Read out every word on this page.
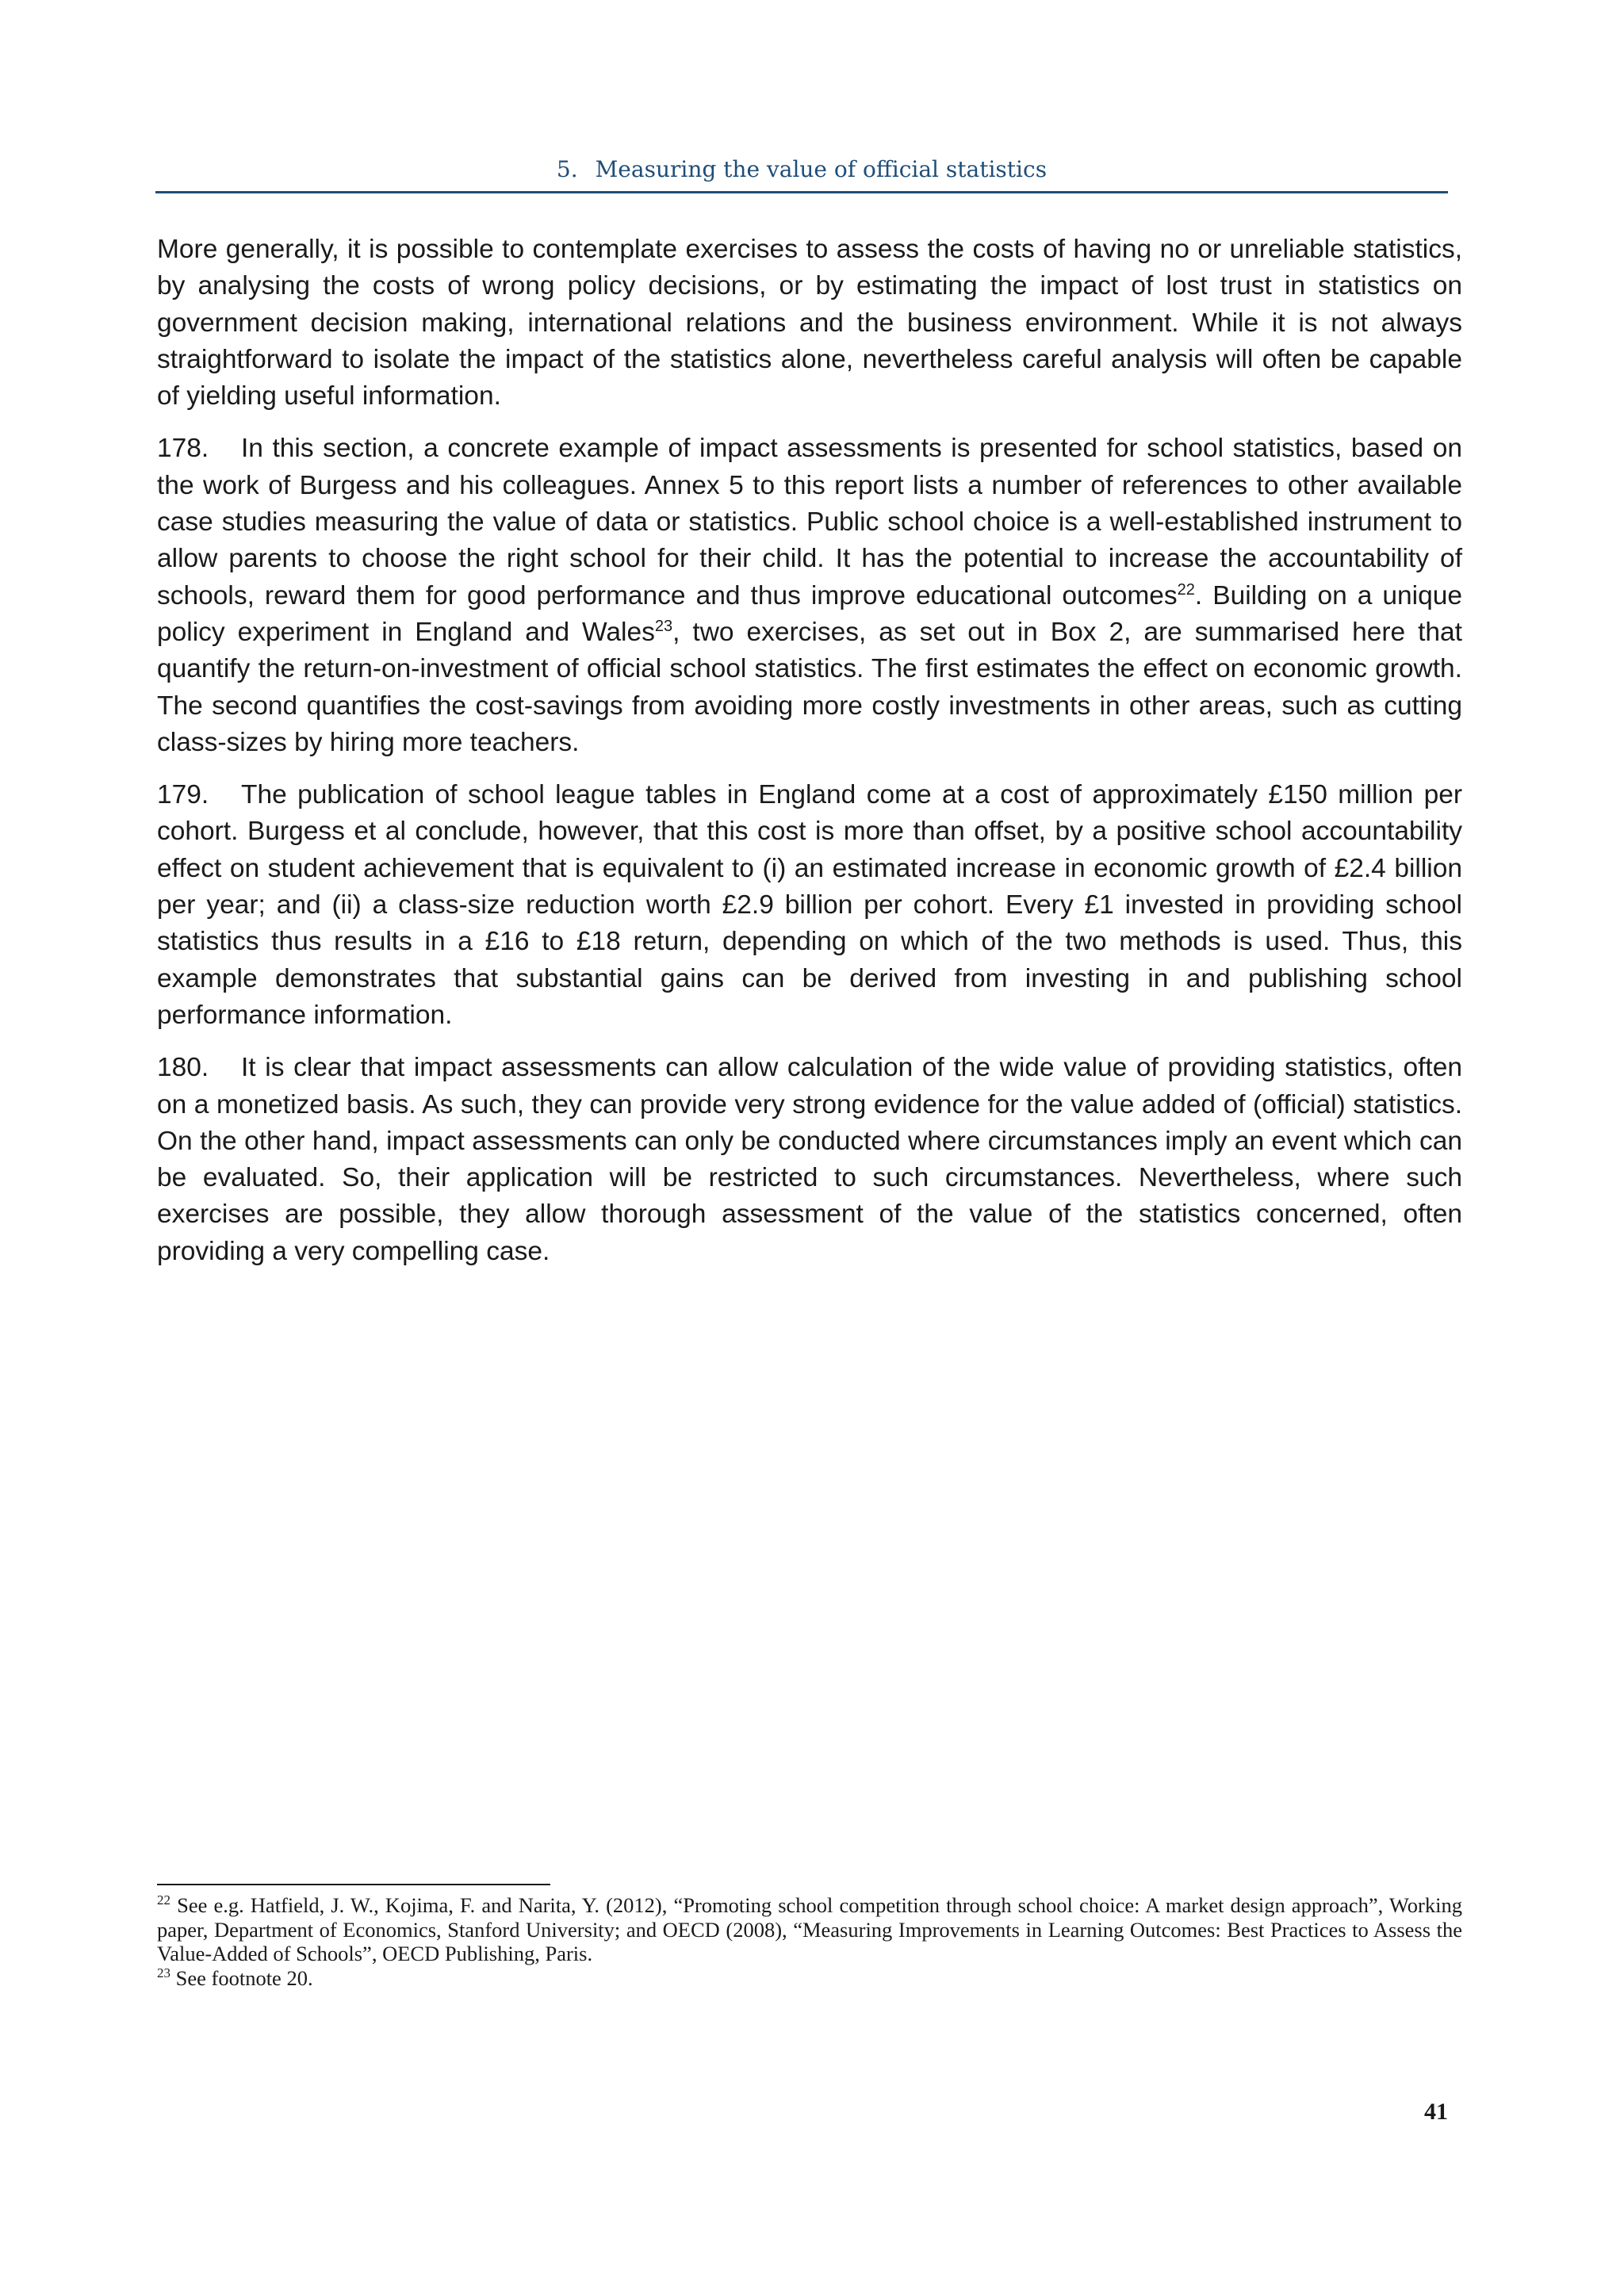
5. Measuring the value of official statistics

More generally, it is possible to contemplate exercises to assess the costs of having no or unreliable statistics, by analysing the costs of wrong policy decisions, or by estimating the impact of lost trust in statistics on government decision making, international relations and the business environment. While it is not always straightforward to isolate the impact of the statistics alone, nevertheless careful analysis will often be capable of yielding useful information.

178. In this section, a concrete example of impact assessments is presented for school statistics, based on the work of Burgess and his colleagues. Annex 5 to this report lists a number of references to other available case studies measuring the value of data or statistics. Public school choice is a well-established instrument to allow parents to choose the right school for their child. It has the potential to increase the accountability of schools, reward them for good performance and thus improve educational outcomes$^{22}$. Building on a unique policy experiment in England and Wales$^{23}$, two exercises, as set out in Box 2, are summarised here that quantify the return-on-investment of official school statistics. The first estimates the effect on economic growth. The second quantifies the cost-savings from avoiding more costly investments in other areas, such as cutting class-sizes by hiring more teachers.

179. The publication of school league tables in England come at a cost of approximately £150 million per cohort. Burgess et al conclude, however, that this cost is more than offset, by a positive school accountability effect on student achievement that is equivalent to (i) an estimated increase in economic growth of £2.4 billion per year; and (ii) a class-size reduction worth £2.9 billion per cohort. Every £1 invested in providing school statistics thus results in a £16 to £18 return, depending on which of the two methods is used. Thus, this example demonstrates that substantial gains can be derived from investing in and publishing school performance information.

180. It is clear that impact assessments can allow calculation of the wide value of providing statistics, often on a monetized basis. As such, they can provide very strong evidence for the value added of (official) statistics. On the other hand, impact assessments can only be conducted where circumstances imply an event which can be evaluated. So, their application will be restricted to such circumstances. Nevertheless, where such exercises are possible, they allow thorough assessment of the value of the statistics concerned, often providing a very compelling case.

$^{22}$ See e.g. Hatfield, J. W., Kojima, F. and Narita, Y. (2012), “Promoting school competition through school choice: A market design approach”, Working paper, Department of Economics, Stanford University; and OECD (2008), “Measuring Improvements in Learning Outcomes: Best Practices to Assess the Value-Added of Schools”, OECD Publishing, Paris.

$^{23}$ See footnote 20.

41
